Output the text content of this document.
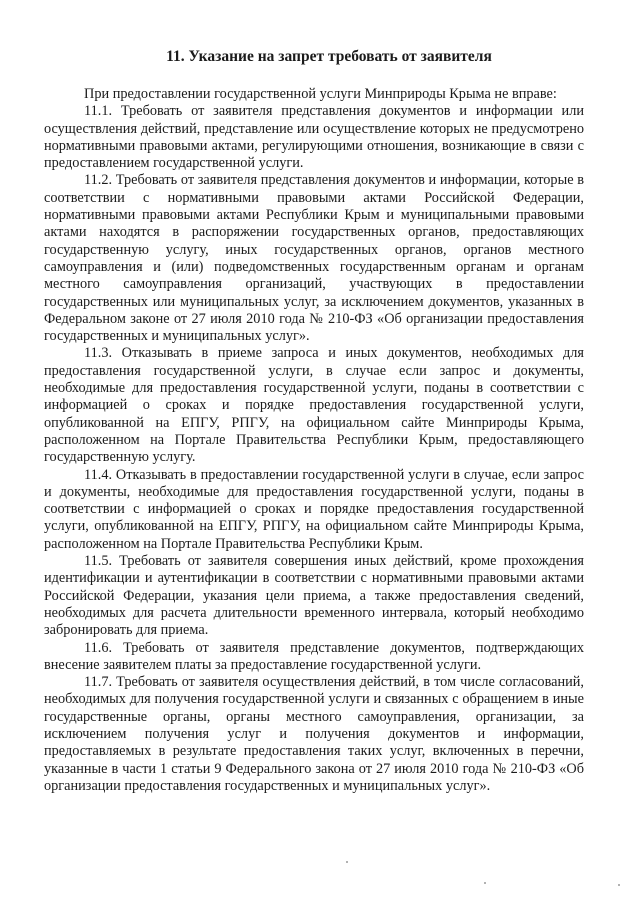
11. Указание на запрет требовать от заявителя

При предоставлении государственной услуги Минприроды Крыма не вправе:

11.1. Требовать от заявителя представления документов и информации или осуществления действий, представление или осуществление которых не предусмотрено нормативными правовыми актами, регулирующими отношения, возникающие в связи с предоставлением государственной услуги.

11.2. Требовать от заявителя представления документов и информации, которые в соответствии с нормативными правовыми актами Российской Федерации, нормативными правовыми актами Республики Крым и муниципальными правовыми актами находятся в распоряжении государственных органов, предоставляющих государственную услугу, иных государственных органов, органов местного самоуправления и (или) подведомственных государственным органам и органам местного самоуправления организаций, участвующих в предоставлении государственных или муниципальных услуг, за исключением документов, указанных в Федеральном законе от 27 июля 2010 года № 210-ФЗ «Об организации предоставления государственных и муниципальных услуг».

11.3. Отказывать в приеме запроса и иных документов, необходимых для предоставления государственной услуги, в случае если запрос и документы, необходимые для предоставления государственной услуги, поданы в соответствии с информацией о сроках и порядке предоставления государственной услуги, опубликованной на ЕПГУ, РПГУ, на официальном сайте Минприроды Крыма, расположенном на Портале Правительства Республики Крым, предоставляющего государственную услугу.

11.4. Отказывать в предоставлении государственной услуги в случае, если запрос и документы, необходимые для предоставления государственной услуги, поданы в соответствии с информацией о сроках и порядке предоставления государственной услуги, опубликованной на ЕПГУ, РПГУ, на официальном сайте Минприроды Крыма, расположенном на Портале Правительства Республики Крым.

11.5. Требовать от заявителя совершения иных действий, кроме прохождения идентификации и аутентификации в соответствии с нормативными правовыми актами Российской Федерации, указания цели приема, а также предоставления сведений, необходимых для расчета длительности временного интервала, который необходимо забронировать для приема.

11.6. Требовать от заявителя представление документов, подтверждающих внесение заявителем платы за предоставление государственной услуги.

11.7. Требовать от заявителя осуществления действий, в том числе согласований, необходимых для получения государственной услуги и связанных с обращением в иные государственные органы, органы местного самоуправления, организации, за исключением получения услуг и получения документов и информации, предоставляемых в результате предоставления таких услуг, включенных в перечни, указанные в части 1 статьи 9 Федерального закона от 27 июля 2010 года № 210-ФЗ «Об организации предоставления государственных и муниципальных услуг».
